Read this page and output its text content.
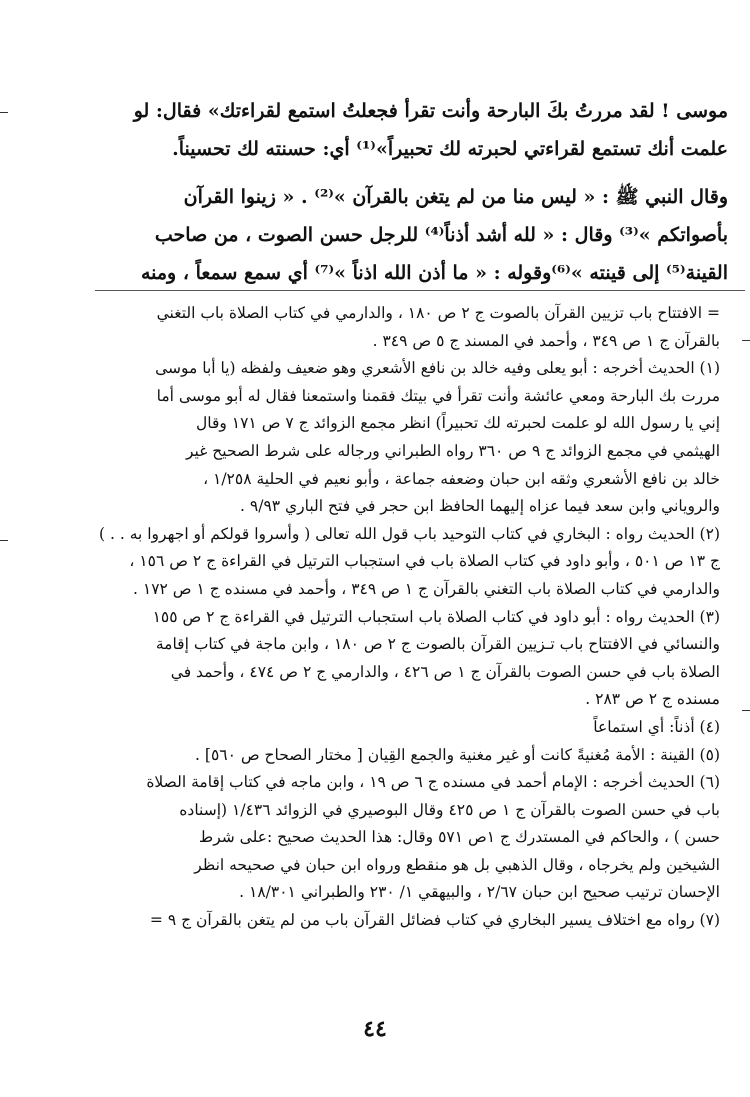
موسى ! لقد مررتُ بكَ البارحة وأنت تقرأ فجعلتُ استمع لقراءتك» فقال: لو

علمت أنك تستمع لقراءتي لحبرته لك تحبيراً»⁽¹⁾ أي: حسنته لك تحسيناً.

وقال النبي ﷺ : « ليس منا من لم يتغن بالقرآن »⁽²⁾ . « زينوا القرآن

بأصواتكم »⁽³⁾ وقال : « لله أشد أذناً⁽⁴⁾ للرجل حسن الصوت ، من صاحب

القينة⁽⁵⁾ إلى قينته »⁽⁶⁾وقوله : « ما أذن الله اذناً »⁽⁷⁾ أي سمع سمعاً ، ومنه

= الافتتاح باب تزيين القرآن بالصوت ج ٢ ص ١٨٠ ، والدارمي في كتاب الصلاة باب التغني

بالقرآن ج ١ ص ٣٤٩ ، وأحمد في المسند ج ٥ ص ٣٤٩ .

(١) الحديث أخرجه : أبو يعلى وفيه خالد بن نافع الأشعري وهو ضعيف ولفظه (يا أبا موسى

مررت بك البارحة ومعي عائشة وأنت تقرأ في بيتك فقمنا واستمعنا فقال له أبو موسى أما

إني يا رسول الله لو علمت لحبرته لك تحبيراً) انظر مجمع الزوائد ج ٧ ص ١٧١ وقال

الهيثمي في مجمع الزوائد ج ٩ ص ٣٦٠ رواه الطبراني ورجاله على شرط الصحيح غير

خالد بن نافع الأشعري وثقه ابن حبان وضعفه جماعة ، وأبو نعيم في الحلية ١/٢٥٨ ،

والروياني وابن سعد فيما عزاه إليهما الحافظ ابن حجر في فتح الباري ٩/٩٣ .

(٢) الحديث رواه : البخاري في كتاب التوحيد باب قول الله تعالى ( وأسروا قولكم أو اجهروا به . . )

ج ١٣ ص ٥٠١ ، وأبو داود في كتاب الصلاة باب في استجباب الترتيل في القراءة ج ٢ ص ١٥٦ ،

والدارمي في كتاب الصلاة باب التغني بالقرآن ج ١ ص ٣٤٩ ، وأحمد في مسنده ج ١ ص ١٧٢ .

(٣) الحديث رواه : أبو داود في كتاب الصلاة باب استجباب الترتيل في القراءة ج ٢ ص ١٥٥

والنسائي في الافتتاح باب تـزيين القرآن بالصوت ج ٢ ص ١٨٠ ، وابن ماجة في كتاب إقامة

الصلاة باب في حسن الصوت بالقرآن ج ١ ص ٤٢٦ ، والدارمي ج ٢ ص ٤٧٤ ، وأحمد في

مسنده ج ٢ ص ٢٨٣ .

(٤) أذناً: أي استماعاً

(٥) القينة : الأمة مُغنيةً كانت أو غير مغنية والجمع القِيان [ مختار الصحاح ص ٥٦٠] .

(٦) الحديث أخرجه : الإمام أحمد في مسنده ج ٦ ص ١٩ ، وابن ماجه في كتاب إقامة الصلاة

باب في حسن الصوت بالقرآن ج ١ ص ٤٢٥ وقال البوصيري في الزوائد ١/٤٣٦ (إسناده

حسن ) ، والحاكم في المستدرك ج ١ص ٥٧١ وقال: هذا الحديث صحيح :على شرط

الشيخين ولم يخرجاه ، وقال الذهبي بل هو منقطع ورواه ابن حبان في صحيحه انظر

الإحسان ترتيب صحيح ابن حبان ٢/٦٧ ، والبيهقي ١/ ٢٣٠ والطبراني ١٨/٣٠١ .

(٧) رواه مع اختلاف يسير البخاري في كتاب فضائل القرآن باب من لم يتغن بالقرآن ج ٩ =

٤٤
